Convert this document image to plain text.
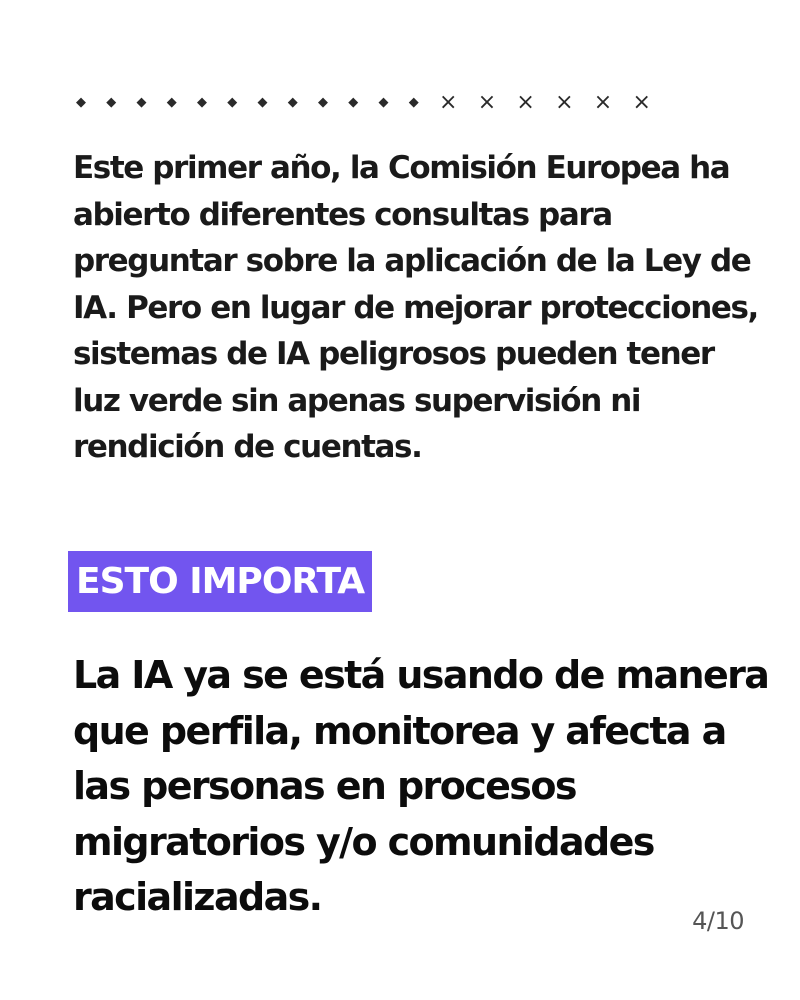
◆ ◆ ◆ ◆ ◆ ◆ ◆ ◆ ◆ ◆ ◆ ◆ × × × × × ×

Este primer año, la Comisión Europea ha abierto diferentes consultas para preguntar sobre la aplicación de la Ley de IA. Pero en lugar de mejorar protecciones, sistemas de IA peligrosos pueden tener luz verde sin apenas supervisión ni rendición de cuentas.

ESTO IMPORTA

La IA ya se está usando de manera que perfila, monitorea y afecta a las personas en procesos migratorios y/o comunidades racializadas.

4/10
